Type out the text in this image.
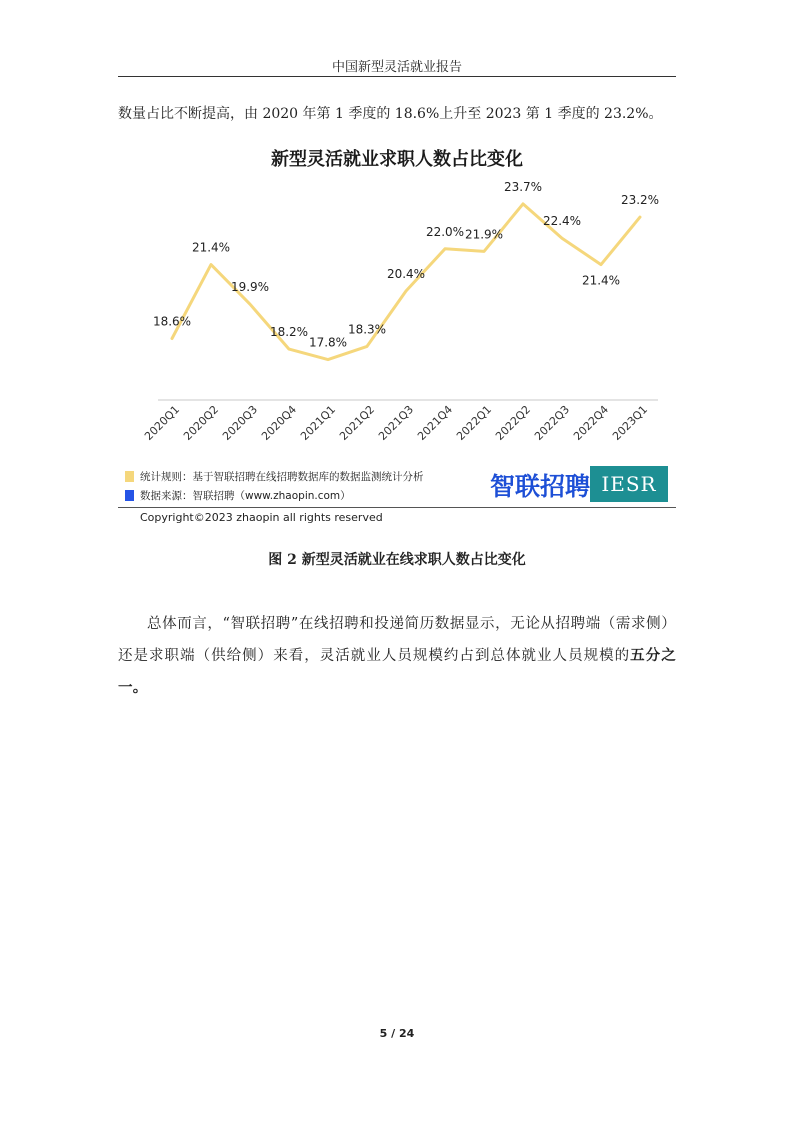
中国新型灵活就业报告
数量占比不断提高，由 2020 年第 1 季度的 18.6%上升至 2023 第 1 季度的 23.2%。
新型灵活就业求职人数占比变化
18.6%
21.4%
19.9%
18.2%
17.8%
18.3%
20.4%
22.0% 21.9%
23.7%
22.4%
21.4%
23.2%
2020Q1
2020Q2
2020Q3
2020Q4
2021Q1
2021Q2
2021Q3
2021Q4
2022Q1
2022Q2
2022Q3
2022Q4
2023Q1
统计规则：基于智联招聘在线招聘数据库的数据监测统计分析
数据来源：智联招聘（www.zhaopin.com）	智联招聘 IESR
Copyright©2023 zhaopin all rights reserved
图 2 新型灵活就业在线求职人数占比变化
总体而言，“智联招聘”在线招聘和投递简历数据显示，无论从招聘端（需求侧）还是求职端（供给侧）来看，灵活就业人员规模约占到总体就业人员规模的五分之一。
5 / 24
